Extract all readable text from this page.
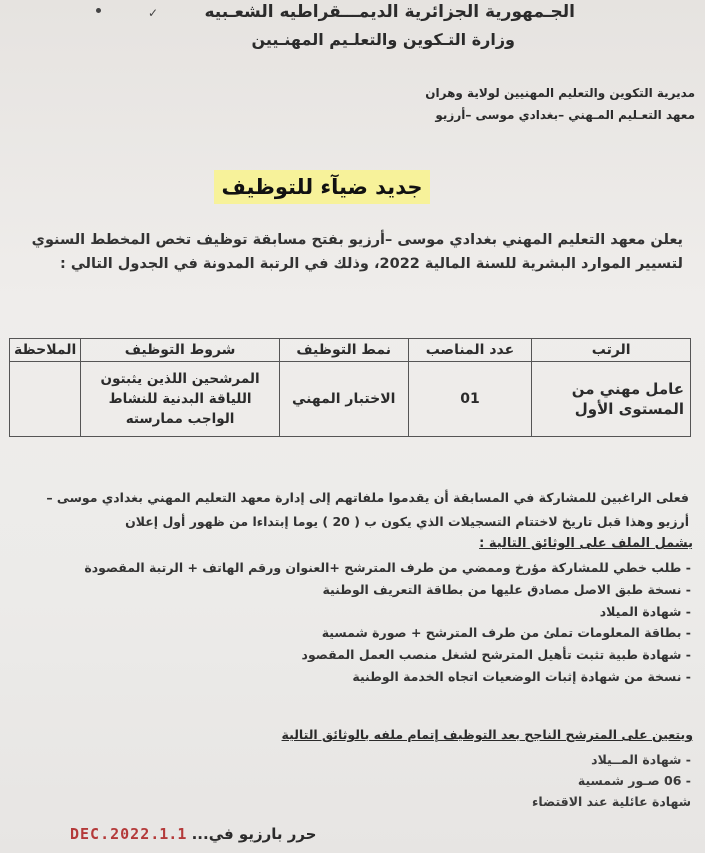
✓	الجـمهورية الجزائرية الديمـــقراطيه الشعـبيه
وزارة التـكوين والتعلـيم المهنـيين
مديرية التكوين والتعليم المهنيين لولاية وهران
معهد التعـليم المـهني –بغدادي موسى –أرزيو
جديد ضيآء للتوظيف
يعلن معهد التعليم المهني بغدادي موسى –أرزيو بفتح مسابقة توظيف تخص المخطط السنوي لتسيير الموارد البشرية للسنة المالية 2022، وذلك في الرتبة المدونة في الجدول التالي :
الرتب	عدد المناصب	نمط التوظيف	شروط التوظيف	الملاحظة
عامل مهني من المستوى الأول	01	الاختبار المهني	المرشحين اللذين يثبتون اللياقة البدنية للنشاط الواجب ممارسته	
فعلى الراغبين للمشاركة في المسابقة أن يقدموا ملفاتهم إلى إدارة معهد التعليم المهني بغدادي موسى –أرزيو وهذا قبل تاريخ لاختتام التسجيلات الذي يكون ب ( 20 ) يوما إبتداءا من ظهور أول إعلان
يشمل الملف على الوثائق التالية :
- طلب خطي للمشاركة مؤرخ وممضي من طرف المترشح +العنوان ورقم الهاتف + الرتبة المقصودة
- نسخة طبق الاصل مصادق عليها من بطاقة التعريف الوطنية
- شهادة الميلاد
- بطاقة المعلومات تملئ من طرف المترشح + صورة شمسية
- شهادة طبية تثبت تأهيل المترشح لشغل منصب العمل المقصود
- نسخة من شهادة إثبات الوضعيات اتجاه الخدمة الوطنية
ويتعين على المترشح الناجح بعد التوظيف إتمام ملفه بالوثائق التالية
- شهادة المــيلاد
- 06 صـور شمسية
شهادة عائلية عند الاقتضاء
حرر بارزيو في... 1.1.DEC.2022
